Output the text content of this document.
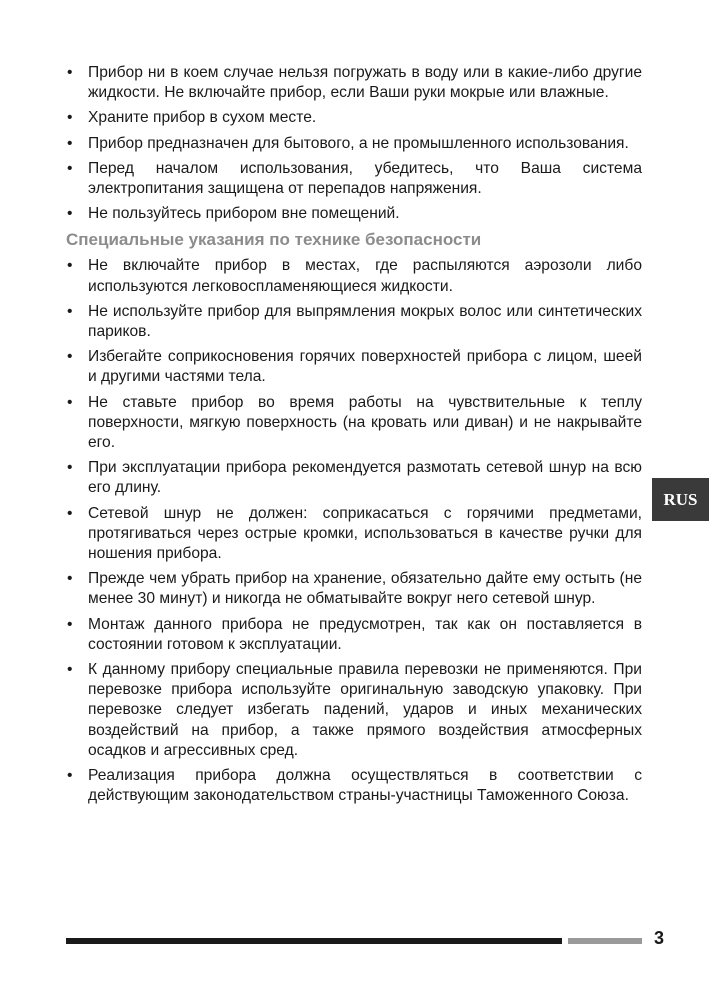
• Прибор ни в коем случае нельзя погружать в воду или в какие-либо другие жидкости. Не включайте прибор, если Ваши руки мокрые или влажные.
• Храните прибор в сухом месте.
• Прибор предназначен для бытового, а не промышленного использования.
• Перед началом использования, убедитесь, что Ваша система электропитания защищена от перепадов напряжения.
• Не пользуйтесь прибором вне помещений.
Специальные указания по технике безопасности
• Не включайте прибор в местах, где распыляются аэрозоли либо используются легковоспламеняющиеся жидкости.
• Не используйте прибор для выпрямления мокрых волос или синтетических париков.
• Избегайте соприкосновения горячих поверхностей прибора с лицом, шеей и другими частями тела.
• Не ставьте прибор во время работы на чувствительные к теплу поверхности, мягкую поверхность (на кровать или диван) и не накрывайте его.
• При эксплуатации прибора рекомендуется размотать сетевой шнур на всю его длину.
• Сетевой шнур не должен: соприкасаться с горячими предметами, протягиваться через острые кромки, использоваться в качестве ручки для ношения прибора.
• Прежде чем убрать прибор на хранение, обязательно дайте ему остыть (не менее 30 минут) и никогда не обматывайте вокруг него сетевой шнур.
• Монтаж данного прибора не предусмотрен, так как он поставляется в состоянии готовом к эксплуатации.
• К данному прибору специальные правила перевозки не применяются. При перевозке прибора используйте оригинальную заводскую упаковку. При перевозке следует избегать падений, ударов и иных механических воздействий на прибор, а также прямого воздействия атмосферных осадков и агрессивных сред.
• Реализация прибора должна осуществляться в соответствии с действующим законодательством страны-участницы Таможенного Союза.
RUS
3
